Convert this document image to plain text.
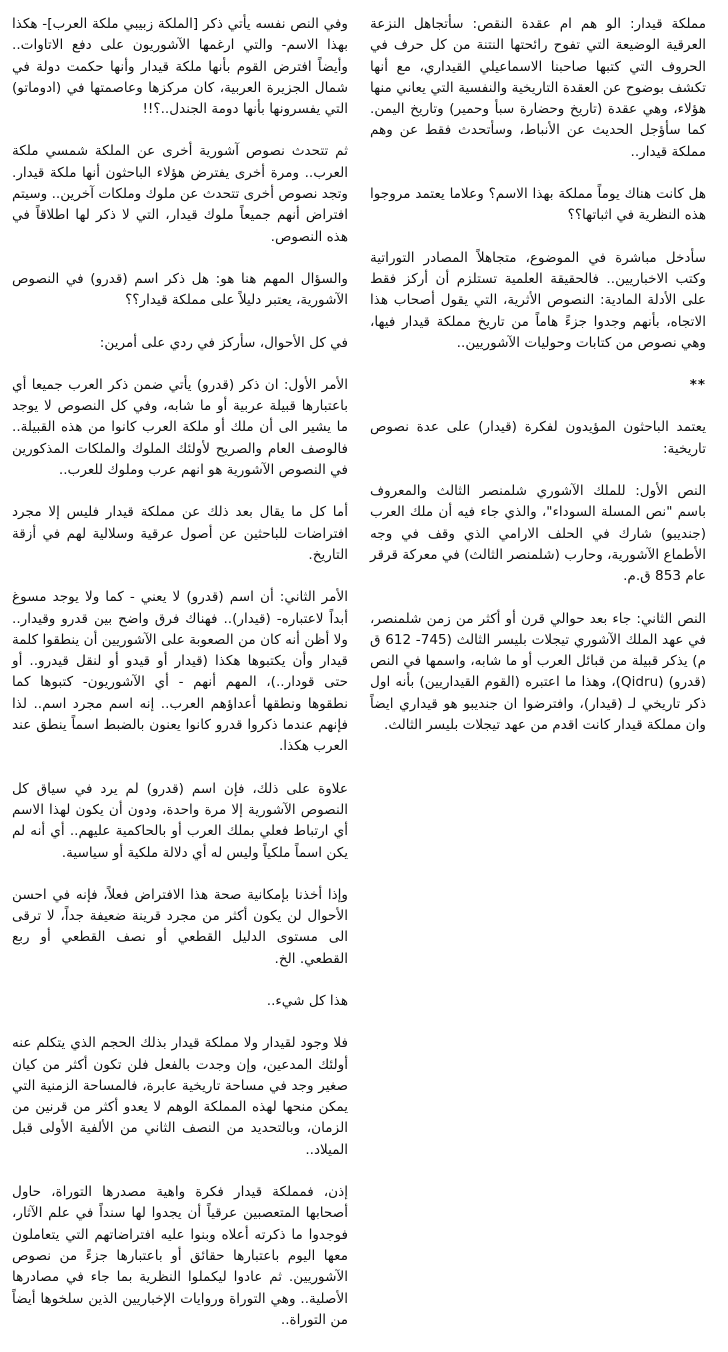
مملكة قيدار: الو هم ام عقدة النقص: سأتجاهل النزعة العرقية الوضيعة التي تفوح رائحتها النتنة من كل حرف في الحروف التي كتبها صاحبنا الاسماعيلي القيداري، مع أنها تكشف بوضوح عن العقدة التاريخية والنفسية التي يعاني منها هؤلاء، وهي عقدة (تاريخ وحضارة سبأ وحمير) وتاريخ اليمن. كما سأؤجل الحديث عن الأنباط، وسأتحدث فقط عن وهم مملكة قيدار..

هل كانت هناك يوماً مملكة بهذا الاسم؟ وعلاما يعتمد مروجوا هذه النظرية في اثباتها؟؟

سأدخل مباشرة في الموضوع، متجاهلاً المصادر التوراتية وكتب الاخباريين.. فالحقيقة العلمية تستلزم أن أركز فقط على الأدلة المادية: النصوص الأثرية، التي يقول أصحاب هذا الاتجاه، بأنهم وجدوا جزءً هاماً من تاريخ مملكة قيدار فيها، وهي نصوص من كتابات وحوليات الآشوريين..

**

يعتمد الباحثون المؤيدون لفكرة (قيدار) على عدة نصوص تاريخية:

النص الأول: للملك الآشوري شلمنصر الثالث والمعروف باسم "نص المسلة السوداء"، والذي جاء فيه أن ملك العرب (جنديبو) شارك في الحلف الارامي الذي وقف في وجه الأطماع الآشورية، وحارب (شلمنصر الثالث) في معركة قرقر عام 853 ق.م.

النص الثاني: جاء بعد حوالي قرن أو أكثر من زمن شلمنصر، في عهد الملك الآشوري تيجلات بليسر الثالث (745- 612 ق م) يذكر قبيلة من قبائل العرب أو ما شابه، واسمها في النص (قدرو) (Qidru)، وهذا ما اعتبره (القوم القيداريين) بأنه اول ذكر تاريخي لـ (قيدار)، وافترضوا ان جنديبو هو قيداري ايضاً وان مملكة قيدار كانت اقدم من عهد تيجلات بليسر الثالث.

وفي النص نفسه يأتي ذكر [الملكة زبيبي ملكة العرب]- هكذا بهذا الاسم- والتي ارغمها الآشوريون على دفع الاتاوات.. وأيضاً افترض القوم بأنها ملكة قيدار وأنها حكمت دولة في شمال الجزيرة العربية، كان مركزها وعاصمتها في (ادوماتو) التي يفسرونها بأنها دومة الجندل..؟!!

ثم تتحدث نصوص آشورية أخرى عن الملكة شمسي ملكة العرب.. ومرة أخرى يفترض هؤلاء الباحثون أنها ملكة قيدار. وتجد نصوص أخرى تتحدث عن ملوك وملكات آخرين.. وسيتم افتراض أنهم جميعاً ملوك قيدار، التي لا ذكر لها اطلاقاً في هذه النصوص.

والسؤال المهم هنا هو: هل ذكر اسم (قدرو) في النصوص الآشورية، يعتبر دليلاً على مملكة قيدار؟؟

في كل الأحوال، سأركز في ردي على أمرين:

الأمر الأول: ان ذكر (قدرو) يأتي ضمن ذكر العرب جميعا أي باعتبارها قبيلة عربية أو ما شابه، وفي كل النصوص لا يوجد ما يشير الى أن ملك أو ملكة العرب كانوا من هذه القبيلة.. فالوصف العام والصريح لأولئك الملوك والملكات المذكورين في النصوص الآشورية هو انهم عرب وملوك للعرب..

أما كل ما يقال بعد ذلك عن مملكة قيدار فليس إلا مجرد افتراضات للباحثين عن أصول عرقية وسلالية لهم في أزقة التاريخ.

الأمر الثاني: أن اسم (قدرو) لا يعني - كما ولا يوجد مسوغ أبداً لاعتباره- (قيدار).. فهناك فرق واضح بين قدرو وقيدار.. ولا أظن أنه كان من الصعوبة على الآشوريين أن ينطقوا كلمة قيدار وأن يكتبوها هكذا (قيدار أو قيدو أو لنقل قيدرو.. أو حتى قودار..)، المهم أنهم - أي الآشوريون- كتبوها كما نطقوها ونطقها أعداؤهم العرب.. إنه اسم مجرد اسم.. لذا فإنهم عندما ذكروا قدرو كانوا يعنون بالضبط اسماً ينطق عند العرب هكذا.

علاوة على ذلك، فإن اسم (قدرو) لم يرد في سياق كل النصوص الآشورية إلا مرة واحدة، ودون أن يكون لهذا الاسم أي ارتباط فعلي بملك العرب أو بالحاكمية عليهم.. أي أنه لم يكن اسماً ملكياً وليس له أي دلالة ملكية أو سياسية.

وإذا أخذنا بإمكانية صحة هذا الافتراض فعلاً، فإنه في احسن الأحوال لن يكون أكثر من مجرد قرينة ضعيفة جداً، لا ترقى الى مستوى الدليل القطعي أو نصف القطعي أو ربع القطعي. الخ.

هذا كل شيء..

فلا وجود لقيدار ولا مملكة قيدار بذلك الحجم الذي يتكلم عنه أولئك المدعين، وإن وجدت بالفعل فلن تكون أكثر من كيان صغير وجد في مساحة تاريخية عابرة، فالمساحة الزمنية التي يمكن منحها لهذه المملكة الوهم لا يعدو أكثر من قرنين من الزمان، وبالتحديد من النصف الثاني من الألفية الأولى قبل الميلاد..

إذن، فمملكة قيدار فكرة واهية مصدرها التوراة، حاول أصحابها المتعصبين عرقياً أن يجدوا لها سنداً في علم الآثار، فوجدوا ما ذكرته أعلاه وبنوا عليه افتراضاتهم التي يتعاملون معها اليوم باعتبارها حقائق أو باعتبارها جزءً من نصوص الآشوريين. ثم عادوا ليكملوا النظرية بما جاء في مصادرها الأصلية.. وهي التوراة وروايات الإخباريين الذين سلخوها أيضاً من التوراة..
